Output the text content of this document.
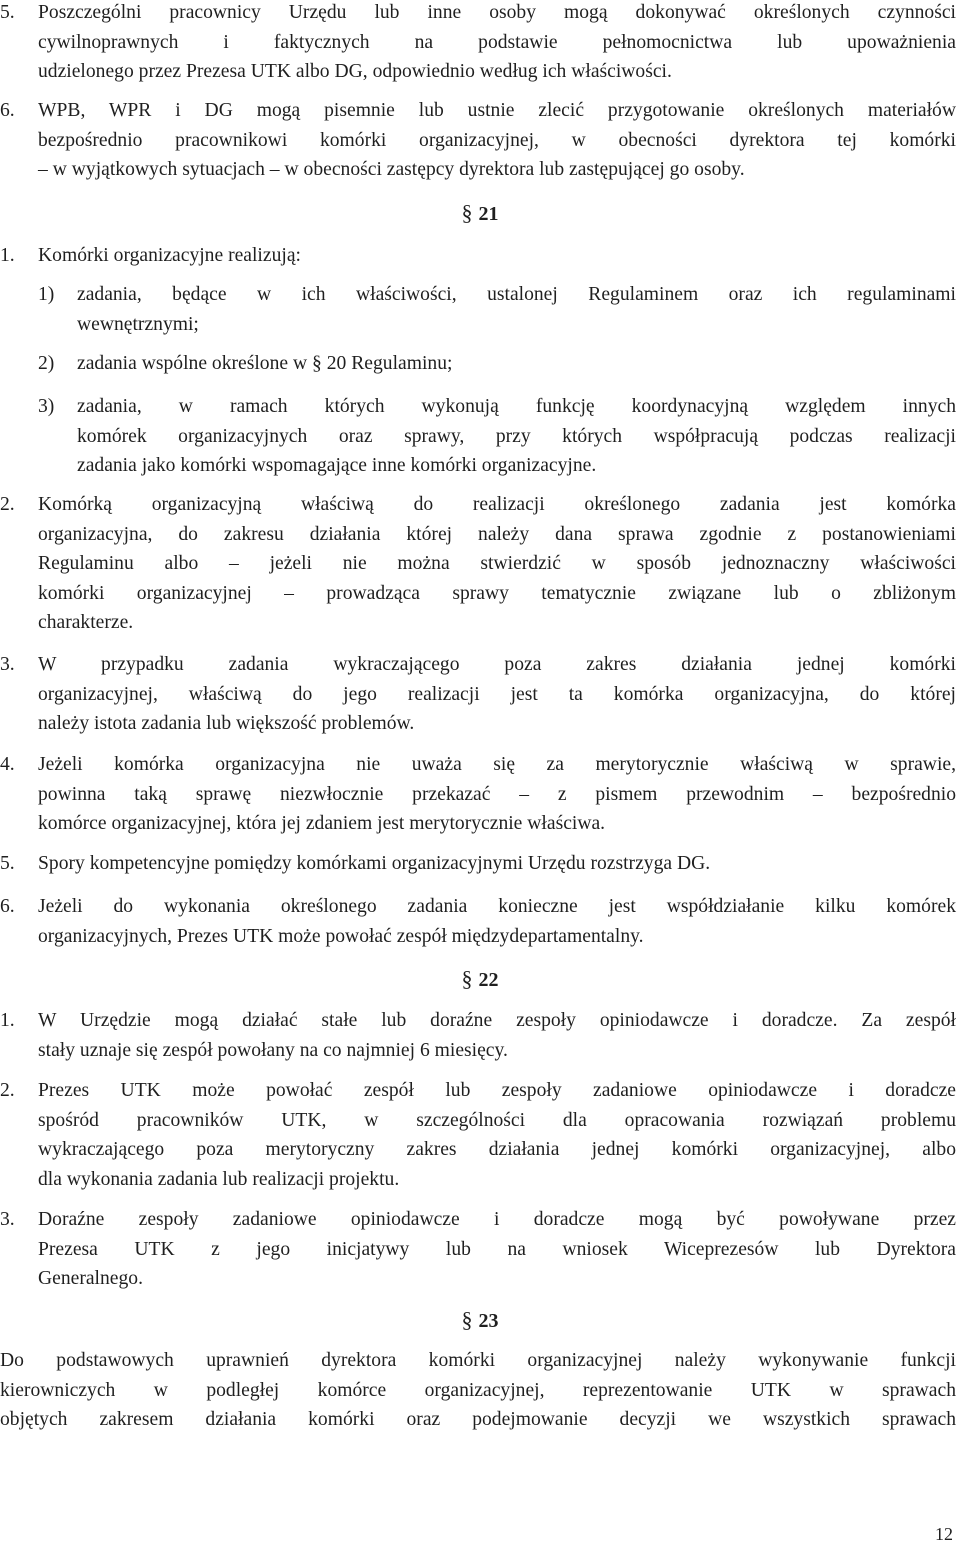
§ 21
§ 22
§ 23
5. Poszczególni pracownicy Urzędu lub inne osoby mogą dokonywać określonych czynności
cywilnoprawnych i faktycznych na podstawie pełnomocnictwa lub upoważnienia
udzielonego przez Prezesa UTK albo DG, odpowiednio według ich właściwości.
6. WPB, WPR i DG mogą pisemnie lub ustnie zlecić przygotowanie określonych materiałów
bezpośrednio pracownikowi komórki organizacyjnej, w obecności dyrektora tej komórki
– w wyjątkowych sytuacjach – w obecności zastępcy dyrektora lub zastępującej go osoby.
1. Komórki organizacyjne realizują:
1) zadania, będące w ich właściwości, ustalonej Regulaminem oraz ich regulaminami
wewnętrznymi;
2) zadania wspólne określone w § 20 Regulaminu;
3) zadania, w ramach których wykonują funkcję koordynacyjną względem innych
komórek organizacyjnych oraz sprawy, przy których współpracują podczas realizacji
zadania jako komórki wspomagające inne komórki organizacyjne.
2. Komórką organizacyjną właściwą do realizacji określonego zadania jest komórka
organizacyjna, do zakresu działania której należy dana sprawa zgodnie z postanowieniami
Regulaminu albo – jeżeli nie można stwierdzić w sposób jednoznaczny właściwości
komórki organizacyjnej – prowadząca sprawy tematycznie związane lub o zbliżonym
charakterze.
3. W przypadku zadania wykraczającego poza zakres działania jednej komórki
organizacyjnej, właściwą do jego realizacji jest ta komórka organizacyjna, do której
należy istota zadania lub większość problemów.
4. Jeżeli komórka organizacyjna nie uważa się za merytorycznie właściwą w sprawie,
powinna taką sprawę niezwłocznie przekazać – z pismem przewodnim – bezpośrednio
komórce organizacyjnej, która jej zdaniem jest merytorycznie właściwa.
5. Spory kompetencyjne pomiędzy komórkami organizacyjnymi Urzędu rozstrzyga DG.
6. Jeżeli do wykonania określonego zadania konieczne jest współdziałanie kilku komórek
organizacyjnych, Prezes UTK może powołać zespół międzydepartamentalny.
1. W Urzędzie mogą działać stałe lub doraźne zespoły opiniodawcze i doradcze. Za zespół
stały uznaje się zespół powołany na co najmniej 6 miesięcy.
2. Prezes UTK może powołać zespół lub zespoły zadaniowe opiniodawcze i doradcze
spośród pracowników UTK, w szczególności dla opracowania rozwiązań problemu
wykraczającego poza merytoryczny zakres działania jednej komórki organizacyjnej, albo
dla wykonania zadania lub realizacji projektu.
3. Doraźne zespoły zadaniowe opiniodawcze i doradcze mogą być powoływane przez
Prezesa UTK z jego inicjatywy lub na wniosek Wiceprezesów lub Dyrektora
Generalnego.
Do podstawowych uprawnień dyrektora komórki organizacyjnej należy wykonywanie funkcji
kierowniczych w podległej komórce organizacyjnej, reprezentowanie UTK w sprawach
objętych zakresem działania komórki oraz podejmowanie decyzji we wszystkich sprawach
12
